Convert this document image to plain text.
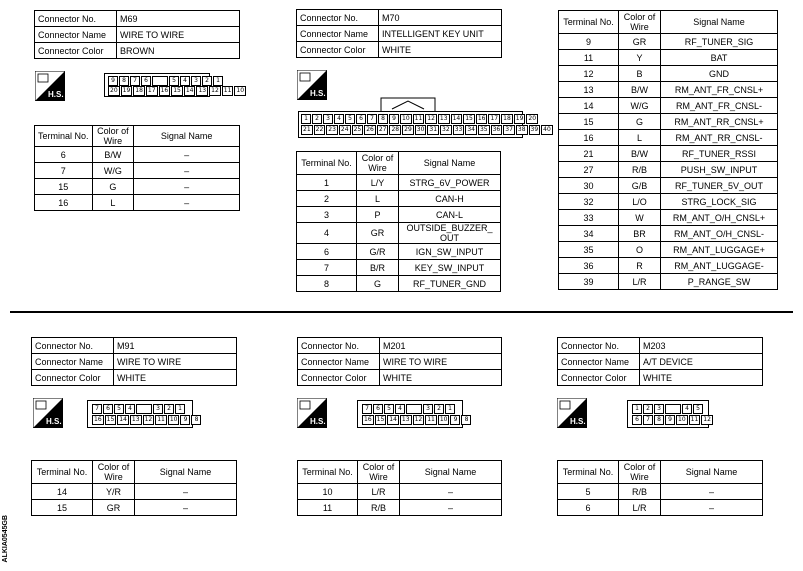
Connector No.	M69
Connector Name	WIRE TO WIRE
Connector Color	BROWN
H.S.
9	8	7	6	5	4	3	2	1
20 19 18 17 16 15 14 13 12 11 10
Terminal No.	Color of Wire	Signal Name
6	B/W	–
7	W/G	–
15	G	–
16	L	–
Connector No.	M70
Connector Name	INTELLIGENT KEY UNIT
Connector Color	WHITE
H.S.
1	2	3	4	5	6	7	8	9	10 11 12 13 14 15 16 17 18 19 20
21 22 23 24 25 26 27 28 29 30 31 32 33 34 35 36 37 38 39 40
Terminal No.	Color of Wire	Signal Name
1	L/Y	STRG_6V_POWER
2	L	CAN-H
3	P	CAN-L
4	GR	OUTSIDE_BUZZER_ OUT
6	G/R	IGN_SW_INPUT
7	B/R	KEY_SW_INPUT
8	G	RF_TUNER_GND
Terminal No.	Color of Wire	Signal Name
9	GR	RF_TUNER_SIG
11	Y	BAT
12	B	GND
13	B/W	RM_ANT_FR_CNSL+
14	W/G	RM_ANT_FR_CNSL-
15	G	RM_ANT_RR_CNSL+
16	L	RM_ANT_RR_CNSL-
21	B/W	RF_TUNER_RSSI
27	R/B	PUSH_SW_INPUT
30	G/B	RF_TUNER_5V_OUT
32	L/O	STRG_LOCK_SIG
33	W	RM_ANT_O/H_CNSL+
34	BR	RM_ANT_O/H_CNSL-
35	O	RM_ANT_LUGGAGE+
36	R	RM_ANT_LUGGAGE-
39	L/R	P_RANGE_SW
Connector No.	M91
Connector Name	WIRE TO WIRE
Connector Color	WHITE
H.S.
7	6	5	4	3	2	1
16 15 14 13 12 11 10	9	8
Terminal No.	Color of Wire	Signal Name
14	Y/R	–
15	GR	–
Connector No.	M201
Connector Name	WIRE TO WIRE
Connector Color	WHITE
H.S.
7	6	5	4	3	2	1
16 15 14 13 12 11 10	9	8
Terminal No.	Color of Wire	Signal Name
10	L/R	–
11	R/B	–
Connector No.	M203
Connector Name	A/T DEVICE
Connector Color	WHITE
H.S.
1	2	3	4	5
6	7	8	9	10 11 12
Terminal No.	Color of Wire	Signal Name
5	R/B	–
6	L/R	–
ALKIA0545GB
